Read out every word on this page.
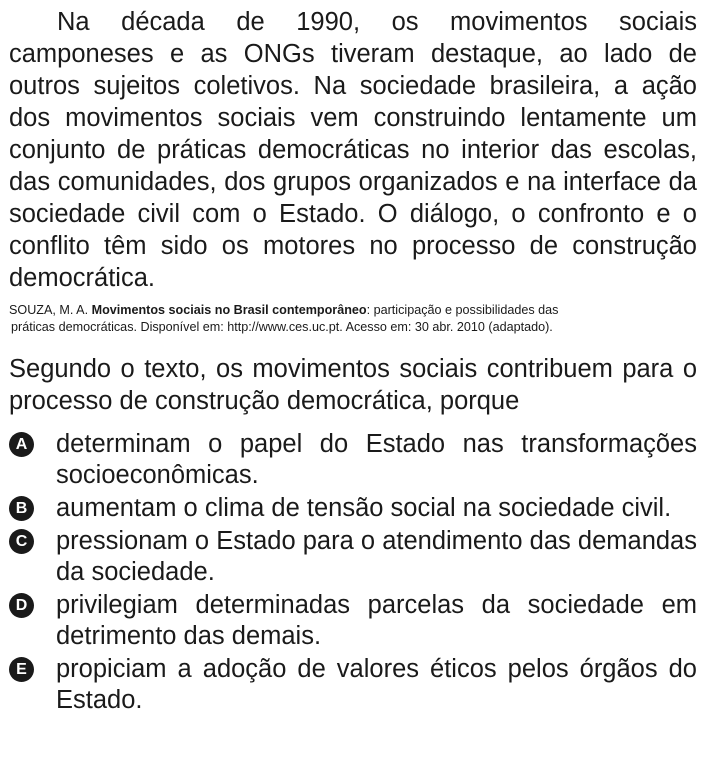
Na década de 1990, os movimentos sociais camponeses e as ONGs tiveram destaque, ao lado de outros sujeitos coletivos. Na sociedade brasileira, a ação dos movimentos sociais vem construindo lentamente um conjunto de práticas democráticas no interior das escolas, das comunidades, dos grupos organizados e na interface da sociedade civil com o Estado. O diálogo, o confronto e o conflito têm sido os motores no processo de construção democrática.

SOUZA, M. A. Movimentos sociais no Brasil contemporâneo: participação e possibilidades das
práticas democráticas. Disponível em: http://www.ces.uc.pt. Acesso em: 30 abr. 2010 (adaptado).

Segundo o texto, os movimentos sociais contribuem para o processo de construção democrática, porque

A determinam o papel do Estado nas transformações socioeconômicas.
B aumentam o clima de tensão social na sociedade civil.
C pressionam o Estado para o atendimento das demandas da sociedade.
D privilegiam determinadas parcelas da sociedade em detrimento das demais.
E propiciam a adoção de valores éticos pelos órgãos do Estado.
